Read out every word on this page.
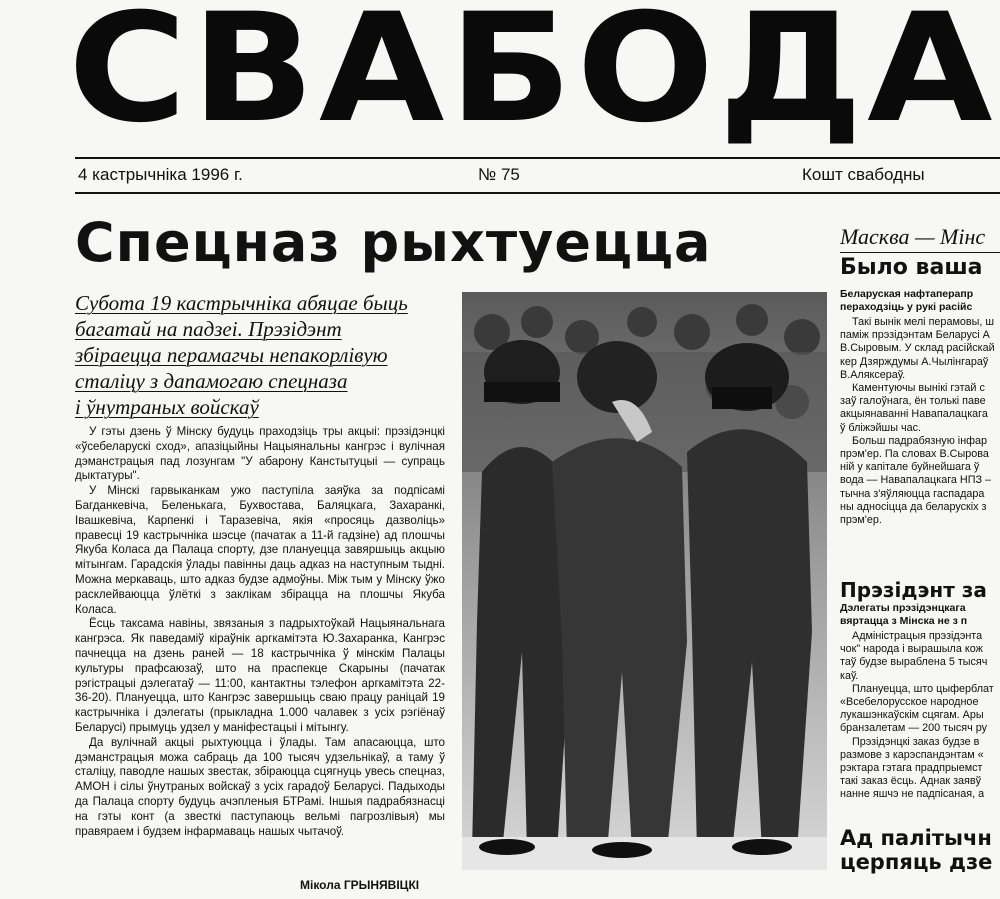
СВАБОДА
4 кастрычніка 1996 г.	№ 75	Кошт свабодны
Спецназ рыхтуецца
Субота 19 кастрычніка абяцае быць
багатай на падзеі. Прэзідэнт
збіраецца перамагчы непакорлівую
сталіцу з дапамогаю спецназа
і ўнутраных войскаў

У гэты дзень ў Мінску будуць праходзіць тры акцыі: прэзідэнцкі «ўсебеларускі сход», апазіцыйны Нацыянальны кангрэс і вулічная дэманстрацыя пад лозунгам "У абарону Канстытуцыі — супраць дыктатуры".

У Мінскі гарвыканкам ужо паступіла заяўка за подпісамі Багданкевіча, Беленькага, Бухвостава, Баляцкага, Захаранкі, Івашкевіча, Карпенкі і Таразевіча, якія «просяць дазволіць» правесці 19 кастрычніка шэсце (пачатак а 11-й гадзіне) ад плошчы Якуба Коласа да Палаца спорту, дзе плануецца завяршыць акцыю мітынгам. Гарадскія ўлады павінны даць адказ на наступным тыдні. Можна меркаваць, што адказ будзе адмоўны. Між тым у Мінску ўжо расклейваюцца ўлёткі з заклікам збірацца на плошчы Якуба Коласа.

Ёсць таксама навіны, звязаныя з падрыхтоўкай Нацыянальнага кангрэса. Як паведаміў кіраўнік аргкамітэта Ю.Захаранка, Кангрэс пачнецца на дзень раней — 18 кастрычніка ў мінскім Палацы культуры прафсаюзаў, што на праспекце Скарыны (пачатак рэгістрацыі дэлегатаў — 11:00, кантактны тэлефон аргкамітэта 22-36-20). Плануецца, што Кангрэс завершыць сваю працу раніцай 19 кастрычніка і дэлегаты (прыкладна 1.000 чалавек з усіх рэгіёнаў Беларусі) прымуць удзел у маніфестацыі і мітынгу.

Да вулічнай акцыі рыхтуюцца і ўлады. Там апасаюцца, што дэманстрацыя можа сабраць да 100 тысяч удзельнікаў, а таму ў сталіцу, паводле нашых звестак, збіраюцца сцягнуць увесь спецназ, АМОН і сілы ўнутраных войскаў з усіх гарадоў Беларусі. Падыходы да Палаца спорту будуць ачэпленыя БТРамі. Іншыя падрабязнасці на гэты конт (а звесткі паступаюць вельмі пагрозлівыя) мы правяраем і будзем інфармаваць нашых чытачоў.

Мікола ГРЫНЯВІЦКІ
Масква — Мінс
Было ваша
Беларуская нафтаперапр
пераходзіць у рукі расійс
Такі вынік мелі перамовы, ш
паміж прэзідэнтам Беларусі А
В.Сыровым. У склад расійскай
кер Дзярждумы А.Чылінгараў
В.Аляксераў.
Каментуючы вынікі гэтай с
заў галоўнага, ён толькі паве
акцыянаванні Навапалацкага
ў бліжэйшы час.
Больш падрабязную інфар
прэм'ер. Па словах В.Сырова
ній у капітале буйнейшага ў
вода — Навапалацкага НПЗ –
тычна з'яўляюцца гаспадара
ны адносіцца да беларускіх з
прэм'ер.
Прэзідэнт за
Дэлегаты прэзідэнцкага
вяртацца з Мінска не з п
Адміністрацыя прэзідэнта
чок" народа і вырашыла кож
таў будзе выраблена 5 тысяч
каў.
Плануецца, што цыферблат
«Всебелорусское народное
лукашэнкаўскім сцягам. Ары
бранзалетам — 200 тысяч ру
Прэзідэнцкі заказ будзе в
размове з карэспандэнтам «
рэктара гэтага прадпрыемст
такі заказ ёсць. Аднак заявў
нанне яшчэ не падпісаная, а
Ад палітычн
церпяць дзе
